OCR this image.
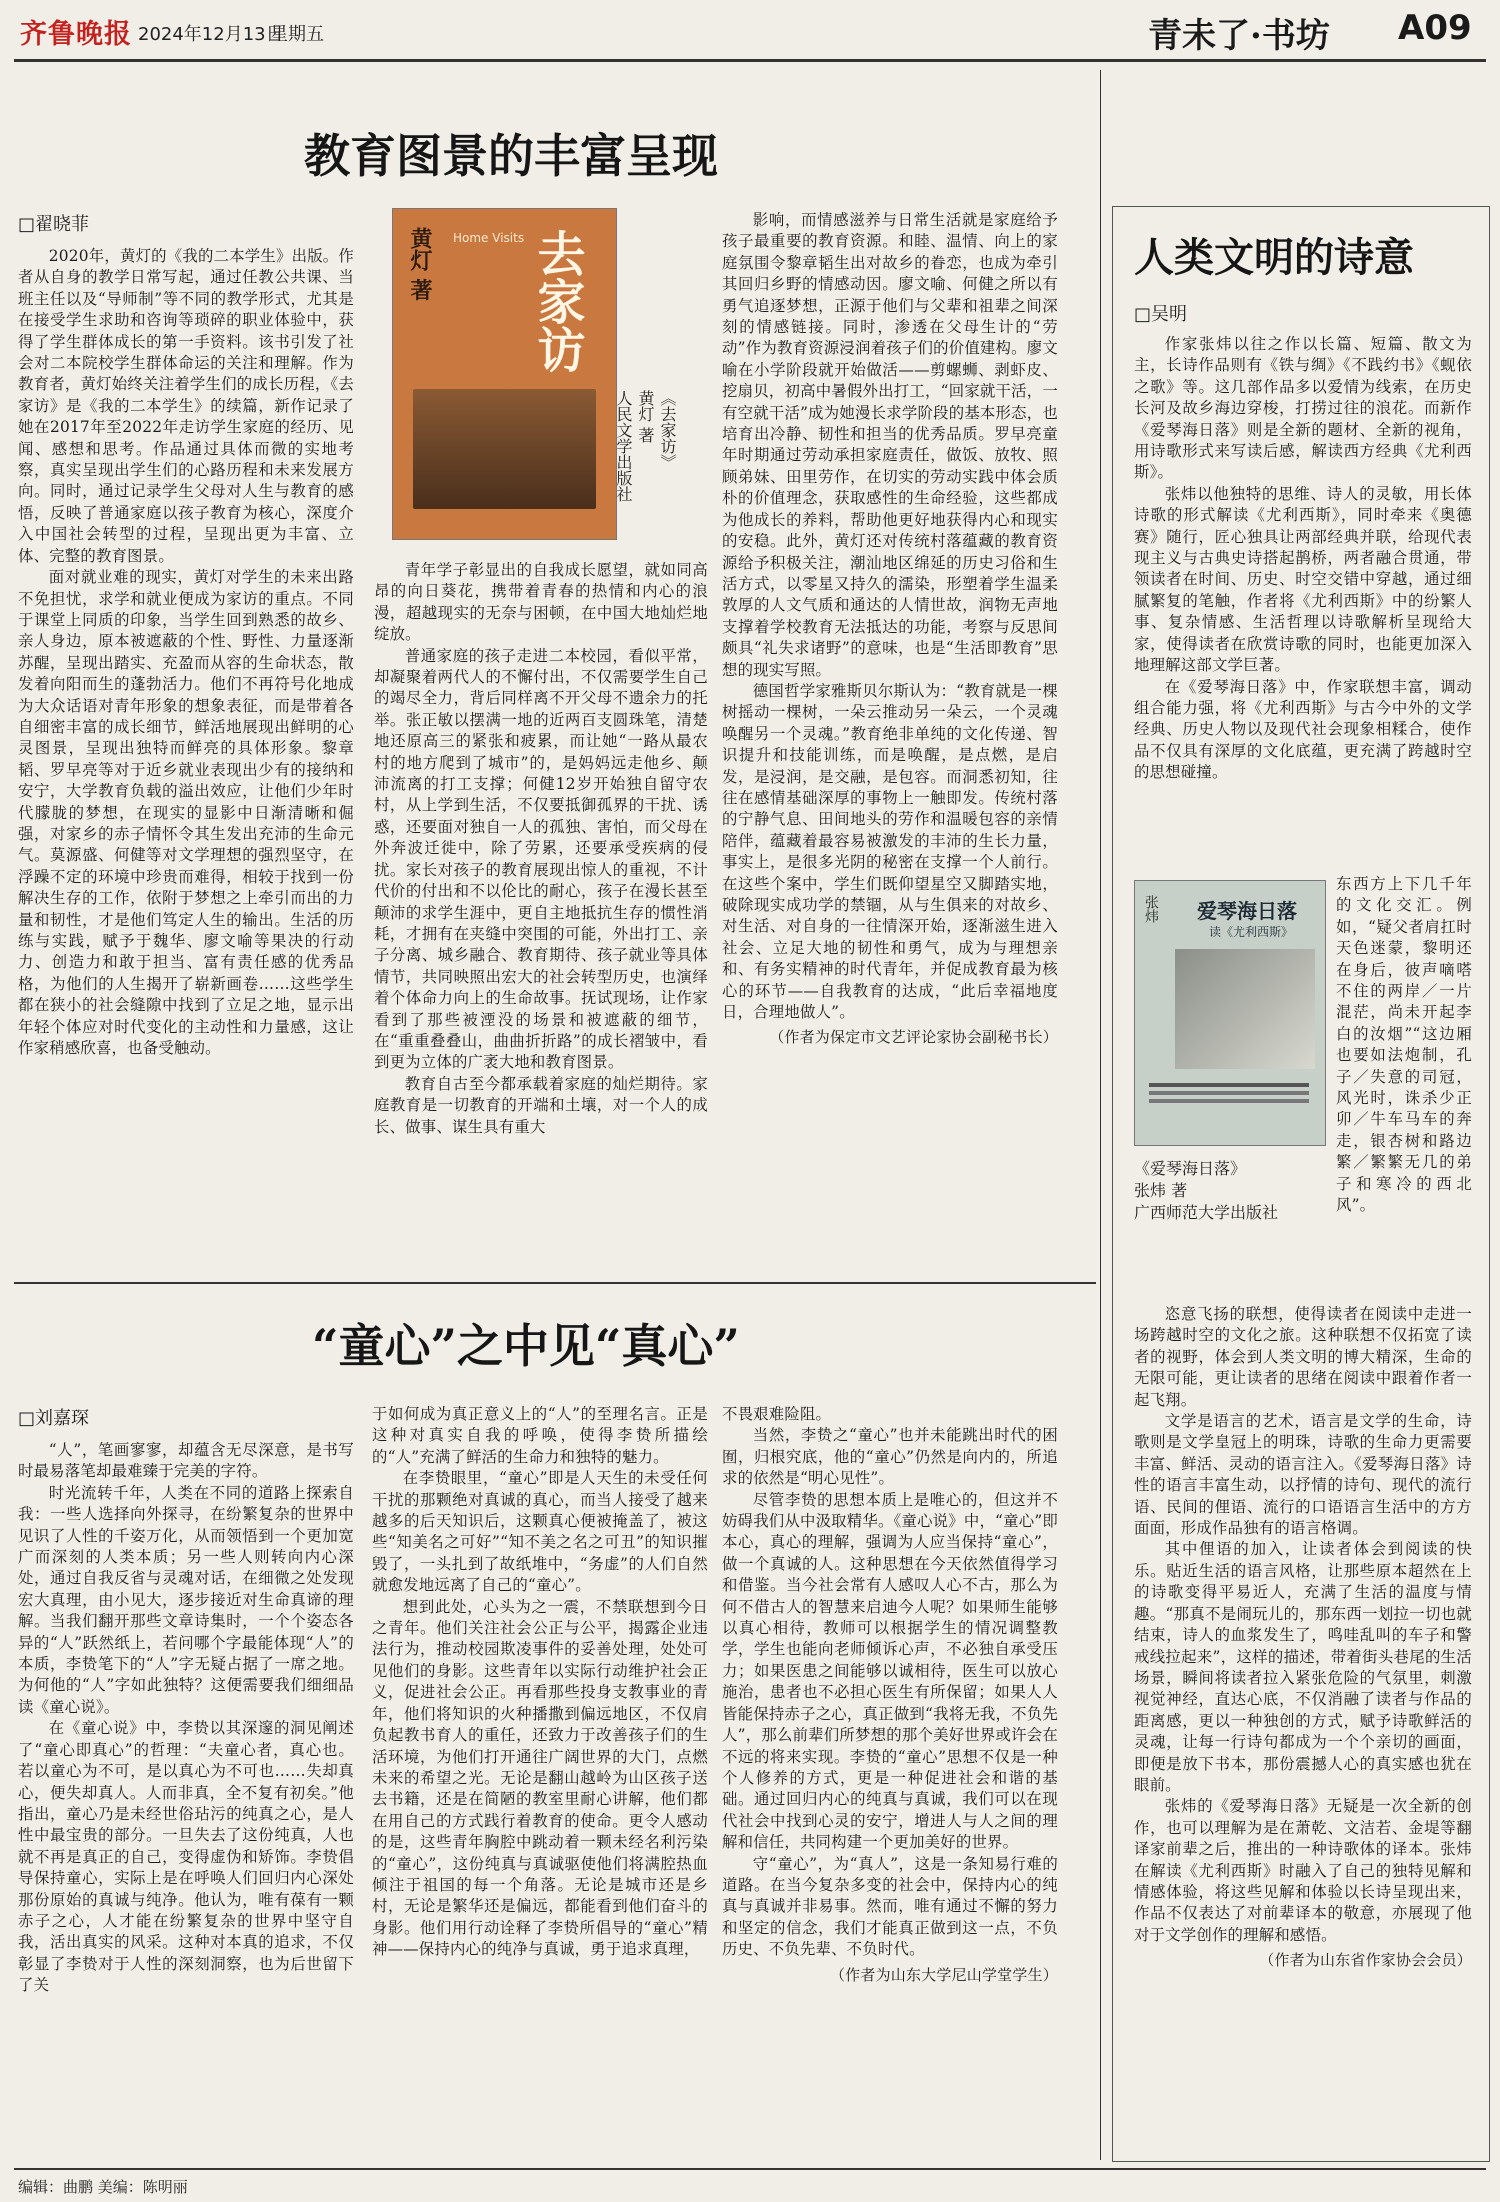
齐鲁晚报 2024年12月13日
星期五	青未了·书坊 A09
教育图景的丰富呈现
□翟晓菲

2020年，黄灯的《我的二本学生》出版。作者从自身的教学日常写起，通过任教公共课、当班主任以及“导师制”等不同的教学形式，尤其是在接受学生求助和咨询等琐碎的职业体验中，获得了学生群体成长的第一手资料。该书引发了社会对二本院校学生群体命运的关注和理解。作为教育者，黄灯始终关注着学生们的成长历程，《去家访》是《我的二本学生》的续篇，新作记录了她在2017年至2022年走访学生家庭的经历、见闻、感想和思考。作品通过具体而微的实地考察，真实呈现出学生们的心路历程和未来发展方向。同时，通过记录学生父母对人生与教育的感悟，反映了普通家庭以孩子教育为核心，深度介入中国社会转型的过程，呈现出更为丰富、立体、完整的教育图景。

面对就业难的现实，黄灯对学生的未来出路不免担忧，求学和就业便成为家访的重点。不同于课堂上同质的印象，当学生回到熟悉的故乡、亲人身边，原本被遮蔽的个性、野性、力量逐渐苏醒，呈现出踏实、充盈而从容的生命状态，散发着向阳而生的蓬勃活力。他们不再符号化地成为大众话语对青年形象的想象表征，而是带着各自细密丰富的成长细节，鲜活地展现出鲜明的心灵图景，呈现出独特而鲜亮的具体形象。黎章韬、罗早亮等对于近乡就业表现出少有的接纳和安宁，大学教育负载的溢出效应，让他们少年时代朦胧的梦想，在现实的显影中日渐清晰和倔强，对家乡的赤子情怀令其生发出充沛的生命元气。莫源盛、何健等对文学理想的强烈坚守，在浮躁不定的环境中珍贵而难得，相较于找到一份解决生存的工作，依附于梦想之上牵引而出的力量和韧性，才是他们笃定人生的输出。生活的历练与实践，赋予于魏华、廖文喻等果决的行动力、创造力和敢于担当、富有责任感的优秀品格，为他们的人生揭开了崭新画卷……这些学生都在狭小的社会缝隙中找到了立足之地，显示出年轻个体应对时代变化的主动性和力量感，这让作家稍感欣喜，也备受触动。

黄灯 著 去家访
Home Visits
《去家访》
黄灯 著
人民文学出版社

青年学子彰显出的自我成长愿望，就如同高昂的向日葵花，携带着青春的热情和内心的浪漫，超越现实的无奈与困顿，在中国大地灿烂地绽放。

普通家庭的孩子走进二本校园，看似平常，却凝聚着两代人的不懈付出，不仅需要学生自己的竭尽全力，背后同样离不开父母不遗余力的托举。张正敏以摆满一地的近两百支圆珠笔，清楚地还原高三的紧张和疲累，而让她“一路从最农村的地方爬到了城市”的，是妈妈远走他乡、颠沛流离的打工支撑；何健12岁开始独自留守农村，从上学到生活，不仅要抵御孤界的干扰、诱惑，还要面对独自一人的孤独、害怕，而父母在外奔波迁徙中，除了劳累，还要承受疾病的侵扰。家长对孩子的教育展现出惊人的重视，不计代价的付出和不以伦比的耐心，孩子在漫长甚至颠沛的求学生涯中，更自主地抵抗生存的惯性消耗，才拥有在夹缝中突围的可能，外出打工、亲子分离、城乡融合、教育期待、孩子就业等具体情节，共同映照出宏大的社会转型历史，也演绎着个体命力向上的生命故事。抚试现场，让作家看到了那些被湮没的场景和被遮蔽的细节，在“重重叠叠山，曲曲折折路”的成长褶皱中，看到更为立体的广袤大地和教育图景。

教育自古至今都承载着家庭的灿烂期待。家庭教育是一切教育的开端和土壤，对一个人的成长、做事、谋生具有重大

影响，而情感滋养与日常生活就是家庭给予孩子最重要的教育资源。和睦、温情、向上的家庭氛围令黎章韬生出对故乡的眷恋，也成为牵引其回归乡野的情感动因。廖文喻、何健之所以有勇气追逐梦想，正源于他们与父辈和祖辈之间深刻的情感链接。同时，渗透在父母生计的“劳动”作为教育资源浸润着孩子们的价值建构。廖文喻在小学阶段就开始做活——剪螺蛳、剥虾皮、挖扇贝，初高中暑假外出打工，“回家就干活，一有空就干活”成为她漫长求学阶段的基本形态，也培育出冷静、韧性和担当的优秀品质。罗早亮童年时期通过劳动承担家庭责任，做饭、放牧、照顾弟妹、田里劳作，在切实的劳动实践中体会质朴的价值理念，获取感性的生命经验，这些都成为他成长的养料，帮助他更好地获得内心和现实的安稳。此外，黄灯还对传统村落蕴藏的教育资源给予积极关注，潮汕地区绵延的历史习俗和生活方式，以零星又持久的濡染，形塑着学生温柔敦厚的人文气质和通达的人情世故，润物无声地支撑着学校教育无法抵达的功能，考察与反思间颇具“礼失求诸野”的意味，也是“生活即教育”思想的现实写照。

德国哲学家雅斯贝尔斯认为：“教育就是一棵树摇动一棵树，一朵云推动另一朵云，一个灵魂唤醒另一个灵魂。”教育绝非单纯的文化传递、智识提升和技能训练，而是唤醒，是点燃，是启发，是浸润，是交融，是包容。而洞悉初知，往往在感情基础深厚的事物上一触即发。传统村落的宁静气息、田间地头的劳作和温暖包容的亲情陪伴，蕴藏着最容易被激发的丰沛的生长力量，事实上，是很多光阴的秘密在支撑一个人前行。在这些个案中，学生们既仰望星空又脚踏实地，破除现实成功学的禁锢，从与生俱来的对故乡、对生活、对自身的一往情深开始，逐渐滋生进入社会、立足大地的韧性和勇气，成为与理想亲和、有务实精神的时代青年，并促成教育最为核心的环节——自我教育的达成，“此后幸福地度日，合理地做人”。

（作者为保定市文艺评论家协会副秘书长）

“童心”之中见“真心”
□刘嘉琛

“人”，笔画寥寥，却蕴含无尽深意，是书写时最易落笔却最难臻于完美的字符。

时光流转千年，人类在不同的道路上探索自我：一些人选择向外探寻，在纷繁复杂的世界中见识了人性的千姿万化，从而领悟到一个更加宽广而深刻的人类本质；另一些人则转向内心深处，通过自我反省与灵魂对话，在细微之处发现宏大真理，由小见大，逐步接近对生命真谛的理解。当我们翻开那些文章诗集时，一个个姿态各异的“人”跃然纸上，若问哪个字最能体现“人”的本质，李贽笔下的“人”字无疑占据了一席之地。为何他的“人”字如此独特？这便需要我们细细品读《童心说》。

在《童心说》中，李贽以其深邃的洞见阐述了“童心即真心”的哲理：“夫童心者，真心也。若以童心为不可，是以真心为不可也……失却真心，便失却真人。人而非真，全不复有初矣。”他指出，童心乃是未经世俗玷污的纯真之心，是人性中最宝贵的部分。一旦失去了这份纯真，人也就不再是真正的自己，变得虚伪和矫饰。李贽倡导保持童心，实际上是在呼唤人们回归内心深处那份原始的真诚与纯净。他认为，唯有葆有一颗赤子之心，人才能在纷繁复杂的世界中坚守自我，活出真实的风采。这种对本真的追求，不仅彰显了李贽对于人性的深刻洞察，也为后世留下了关

于如何成为真正意义上的“人”的至理名言。正是这种对真实自我的呼唤，使得李贽所描绘的“人”充满了鲜活的生命力和独特的魅力。

在李贽眼里，“童心”即是人天生的未受任何干扰的那颗绝对真诚的真心，而当人接受了越来越多的后天知识后，这颗真心便被掩盖了，被这些“知美名之可好”“知不美之名之可丑”的知识摧毁了，一头扎到了故纸堆中，“务虚”的人们自然就愈发地远离了自己的“童心”。

想到此处，心头为之一震，不禁联想到今日之青年。他们关注社会公正与公平，揭露企业违法行为，推动校园欺凌事件的妥善处理，处处可见他们的身影。这些青年以实际行动维护社会正义，促进社会公正。再看那些投身支教事业的青年，他们将知识的火种播撒到偏远地区，不仅肩负起教书育人的重任，还致力于改善孩子们的生活环境，为他们打开通往广阔世界的大门，点燃未来的希望之光。无论是翻山越岭为山区孩子送去书籍，还是在简陋的教室里耐心讲解，他们都在用自己的方式践行着教育的使命。更令人感动的是，这些青年胸腔中跳动着一颗未经名利污染的“童心”，这份纯真与真诚驱使他们将满腔热血倾注于祖国的每一个角落。无论是城市还是乡村，无论是繁华还是偏远，都能看到他们奋斗的身影。他们用行动诠释了李贽所倡导的“童心”精神——保持内心的纯净与真诚，勇于追求真理，

不畏艰难险阻。

当然，李贽之“童心”也并未能跳出时代的困囿，归根究底，他的“童心”仍然是向内的，所追求的依然是“明心见性”。

尽管李贽的思想本质上是唯心的，但这并不妨碍我们从中汲取精华。《童心说》中，“童心”即本心，真心的理解，强调为人应当保持“童心”，做一个真诚的人。这种思想在今天依然值得学习和借鉴。当今社会常有人感叹人心不古，那么为何不借古人的智慧来启迪今人呢？如果师生能够以真心相待，教师可以根据学生的情况调整教学，学生也能向老师倾诉心声，不必独自承受压力；如果医患之间能够以诚相待，医生可以放心施治，患者也不必担心医生有所保留；如果人人皆能保持赤子之心，真正做到“我将无我，不负先人”，那么前辈们所梦想的那个美好世界或许会在不远的将来实现。李贽的“童心”思想不仅是一种个人修养的方式，更是一种促进社会和谐的基础。通过回归内心的纯真与真诚，我们可以在现代社会中找到心灵的安宁，增进人与人之间的理解和信任，共同构建一个更加美好的世界。

守“童心”，为“真人”，这是一条知易行难的道路。在当今复杂多变的社会中，保持内心的纯真与真诚并非易事。然而，唯有通过不懈的努力和坚定的信念，我们才能真正做到这一点，不负历史、不负先辈、不负时代。

（作者为山东大学尼山学堂学生）

人类文明的诗意
□吴明

作家张炜以往之作以长篇、短篇、散文为主，长诗作品则有《铁与绸》《不践约书》《蚬依之歌》等。这几部作品多以爱情为线索，在历史长河及故乡海边穿梭，打捞过往的浪花。而新作《爱琴海日落》则是全新的题材、全新的视角，用诗歌形式来写读后感，解读西方经典《尤利西斯》。

张炜以他独特的思维、诗人的灵敏，用长体诗歌的形式解读《尤利西斯》，同时牵来《奥德赛》随行，匠心独具让两部经典并联，给现代表现主义与古典史诗搭起鹊桥，两者融合贯通，带领读者在时间、历史、时空交错中穿越，通过细腻繁复的笔触，作者将《尤利西斯》中的纷繁人事、复杂情感、生活哲理以诗歌解析呈现给大家，使得读者在欣赏诗歌的同时，也能更加深入地理解这部文学巨著。

在《爱琴海日落》中，作家联想丰富，调动组合能力强，将《尤利西斯》与古今中外的文学经典、历史人物以及现代社会现象相糅合，使作品不仅具有深厚的文化底蕴，更充满了跨越时空的思想碰撞。

张炜 爱琴海日落
读《尤利西斯》
《爱琴海日落》
张炜 著
广西师范大学出版社

东西方上下几千年的文化交汇。例如，“疑父者肩扛时天色迷蒙，黎明还在身后，彼声嘀嗒不住的两岸／一片混茫，尚未开起李白的汝烟”“这边厢也要如法炮制，孔子／失意的司冠，风光时，诛杀少正卯／牛车马车的奔走，银杏树和路边繁／繁繁无几的弟子和寒冷的西北风”。

恣意飞扬的联想，使得读者在阅读中走进一场跨越时空的文化之旅。这种联想不仅拓宽了读者的视野，体会到人类文明的博大精深，生命的无限可能，更让读者的思绪在阅读中跟着作者一起飞翔。

文学是语言的艺术，语言是文学的生命，诗歌则是文学皇冠上的明珠，诗歌的生命力更需要丰富、鲜活、灵动的语言注入。《爱琴海日落》诗性的语言丰富生动，以抒情的诗句、现代的流行语、民间的俚语、流行的口语语言生活中的方方面面，形成作品独有的语言格调。

其中俚语的加入，让读者体会到阅读的快乐。贴近生活的语言风格，让那些原本超然在上的诗歌变得平易近人，充满了生活的温度与情趣。“那真不是闹玩儿的，那东西一划拉一切也就结束，诗人的血浆发生了，鸣哇乱叫的车子和警戒线拉起来”，这样的描述，带着街头巷尾的生活场景，瞬间将读者拉入紧张危险的气氛里，刺激视觉神经，直达心底，不仅消融了读者与作品的距离感，更以一种独创的方式，赋予诗歌鲜活的灵魂，让每一行诗句都成为一个个亲切的画面，即便是放下书本，那份震撼人心的真实感也犹在眼前。

张炜的《爱琴海日落》无疑是一次全新的创作，也可以理解为是在萧乾、文洁若、金堤等翻译家前辈之后，推出的一种诗歌体的译本。张炜在解读《尤利西斯》时融入了自己的独特见解和情感体验，将这些见解和体验以长诗呈现出来，作品不仅表达了对前辈译本的敬意，亦展现了他对于文学创作的理解和感悟。

（作者为山东省作家协会会员）

编辑：曲鹏 美编：陈明丽
